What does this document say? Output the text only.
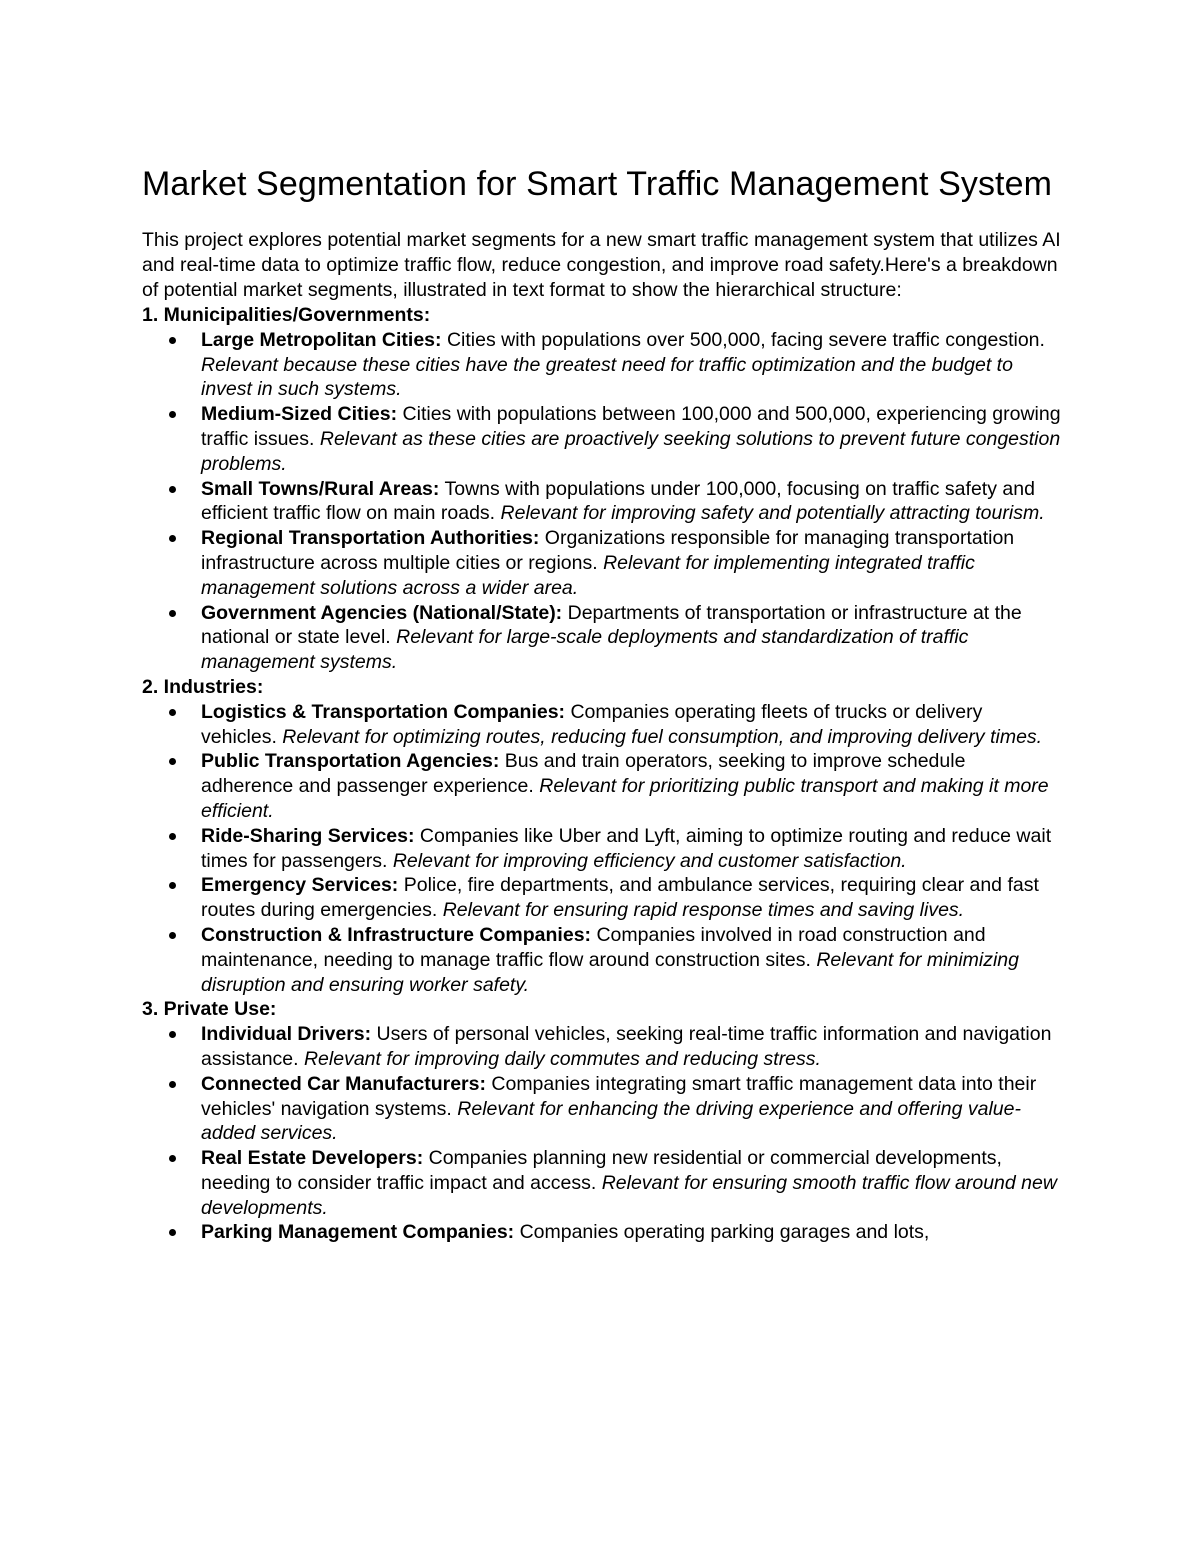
Market Segmentation for Smart Traffic Management System

This project explores potential market segments for a new smart traffic management system that utilizes AI and real-time data to optimize traffic flow, reduce congestion, and improve road safety.Here's a breakdown of potential market segments, illustrated in text format to show the hierarchical structure:

1. Municipalities/Governments:
Large Metropolitan Cities: Cities with populations over 500,000, facing severe traffic congestion. Relevant because these cities have the greatest need for traffic optimization and the budget to invest in such systems.
Medium-Sized Cities: Cities with populations between 100,000 and 500,000, experiencing growing traffic issues. Relevant as these cities are proactively seeking solutions to prevent future congestion problems.
Small Towns/Rural Areas: Towns with populations under 100,000, focusing on traffic safety and efficient traffic flow on main roads. Relevant for improving safety and potentially attracting tourism.
Regional Transportation Authorities: Organizations responsible for managing transportation infrastructure across multiple cities or regions. Relevant for implementing integrated traffic management solutions across a wider area.
Government Agencies (National/State): Departments of transportation or infrastructure at the national or state level. Relevant for large-scale deployments and standardization of traffic management systems.
2. Industries:
Logistics & Transportation Companies: Companies operating fleets of trucks or delivery vehicles. Relevant for optimizing routes, reducing fuel consumption, and improving delivery times.
Public Transportation Agencies: Bus and train operators, seeking to improve schedule adherence and passenger experience. Relevant for prioritizing public transport and making it more efficient.
Ride-Sharing Services: Companies like Uber and Lyft, aiming to optimize routing and reduce wait times for passengers. Relevant for improving efficiency and customer satisfaction.
Emergency Services: Police, fire departments, and ambulance services, requiring clear and fast routes during emergencies. Relevant for ensuring rapid response times and saving lives.
Construction & Infrastructure Companies: Companies involved in road construction and maintenance, needing to manage traffic flow around construction sites. Relevant for minimizing disruption and ensuring worker safety.
3. Private Use:
Individual Drivers: Users of personal vehicles, seeking real-time traffic information and navigation assistance. Relevant for improving daily commutes and reducing stress.
Connected Car Manufacturers: Companies integrating smart traffic management data into their vehicles' navigation systems. Relevant for enhancing the driving experience and offering value-added services.
Real Estate Developers: Companies planning new residential or commercial developments, needing to consider traffic impact and access. Relevant for ensuring smooth traffic flow around new developments.
Parking Management Companies: Companies operating parking garages and lots,
